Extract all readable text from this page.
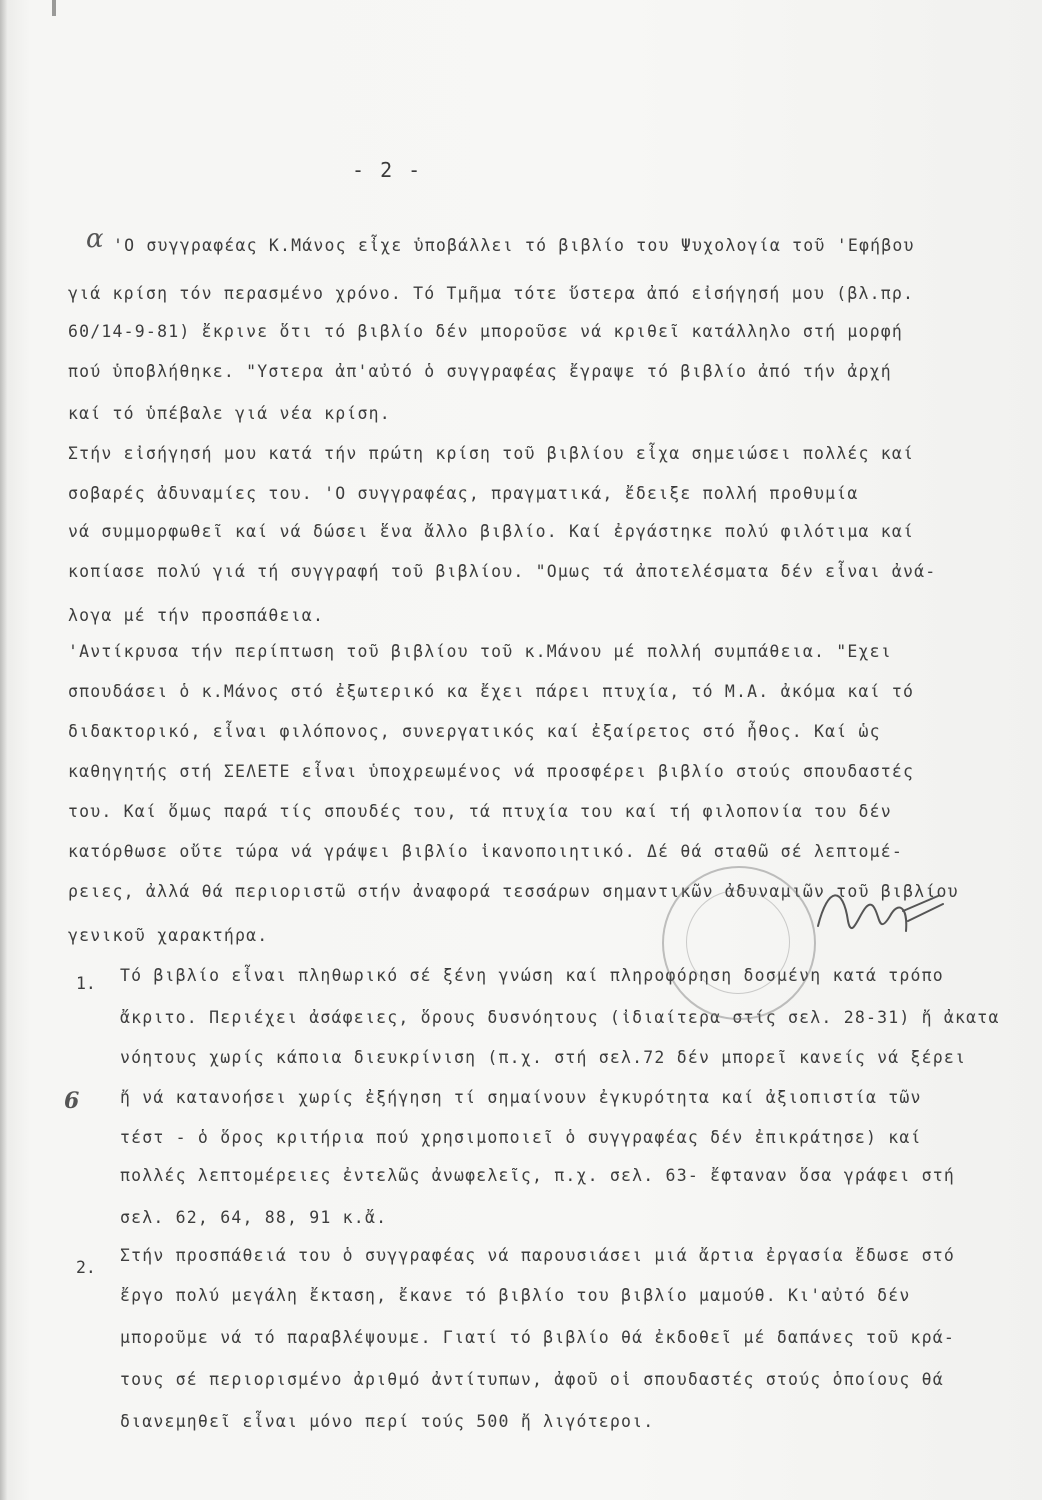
- 2 -
α
6
'Ο συγγραφέας Κ.Μάνος εἶχε ὑποβάλλει τό βιβλίο του Ψυχολογία τοῦ 'Εφήβου
γιά κρίση τόν περασμένο χρόνο. Τό Τμῆμα τότε ὕστερα ἀπό εἰσήγησή μου (βλ.πρ.
60/14-9-81) ἔκρινε ὅτι τό βιβλίο δέν μποροῦσε νά κριθεῖ κατάλληλο στή μορφή
πού ὑποβλήθηκε. "Υστερα ἀπ'αὐτό ὁ συγγραφέας ἔγραψε τό βιβλίο ἀπό τήν ἀρχή
καί τό ὑπέβαλε γιά νέα κρίση.
Στήν εἰσήγησή μου κατά τήν πρώτη κρίση τοῦ βιβλίου εἶχα σημειώσει πολλές καί
σοβαρές ἀδυναμίες του. 'Ο συγγραφέας, πραγματικά, ἔδειξε πολλή προθυμία
νά συμμορφωθεῖ καί νά δώσει ἕνα ἄλλο βιβλίο. Καί ἐργάστηκε πολύ φιλότιμα καί
κοπίασε πολύ γιά τή συγγραφή τοῦ βιβλίου. "Ομως τά ἀποτελέσματα δέν εἶναι ἀνά-
λογα μέ τήν προσπάθεια.
'Αντίκρυσα τήν περίπτωση τοῦ βιβλίου τοῦ κ.Μάνου μέ πολλή συμπάθεια. "Εχει
σπουδάσει ὁ κ.Μάνος στό ἐξωτερικό κα ἔχει πάρει πτυχία, τό Μ.Α. ἀκόμα καί τό
διδακτορικό, εἶναι φιλόπονος, συνεργατικός καί ἐξαίρετος στό ἦθος. Καί ὡς
καθηγητής στή ΣΕΛΕΤΕ εἶναι ὑποχρεωμένος νά προσφέρει βιβλίο στούς σπουδαστές
του. Καί ὅμως παρά τίς σπουδές του, τά πτυχία του καί τή φιλοπονία του δέν
κατόρθωσε οὔτε τώρα νά γράψει βιβλίο ἱκανοποιητικό. Δέ θά σταθῶ σέ λεπτομέ-
ρειες, ἀλλά θά περιοριστῶ στήν ἀναφορά τεσσάρων σημαντικῶν ἀδυναμιῶν τοῦ βιβλίου
γενικοῦ χαρακτήρα.
1. Τό βιβλίο εἶναι πληθωρικό σέ ξένη γνώση καί πληροφόρηση δοσμένη κατά τρόπο
ἄκριτο. Περιέχει ἀσάφειες, ὅρους δυσνόητους (ἰδιαίτερα στίς σελ. 28-31) ἤ ἀκατα
νόητους χωρίς κάποια διευκρίνιση (π.χ. στή σελ.72 δέν μπορεῖ κανείς νά ξέρει
ἤ νά κατανοήσει χωρίς ἐξήγηση τί σημαίνουν ἐγκυρότητα καί ἀξιοπιστία τῶν
τέστ - ὁ ὅρος κριτήρια πού χρησιμοποιεῖ ὁ συγγραφέας δέν ἐπικράτησε) καί
πολλές λεπτομέρειες ἐντελῶς ἀνωφελεῖς, π.χ. σελ. 63- ἔφταναν ὅσα γράφει στή
σελ. 62, 64, 88, 91 κ.ἄ.
2.
Στήν προσπάθειά του ὁ συγγραφέας νά παρουσιάσει μιά ἄρτια ἐργασία ἔδωσε στό
ἔργο πολύ μεγάλη ἔκταση, ἔκανε τό βιβλίο του βιβλίο μαμούθ. Κι'αὐτό δέν
μποροῦμε νά τό παραβλέψουμε. Γιατί τό βιβλίο θά ἐκδοθεῖ μέ δαπάνες τοῦ κρά-
τους σέ περιορισμένο ἀριθμό ἀντίτυπων, ἀφοῦ οἱ σπουδαστές στούς ὁποίους θά
διανεμηθεῖ εἶναι μόνο περί τούς 500 ἤ λιγότεροι.
